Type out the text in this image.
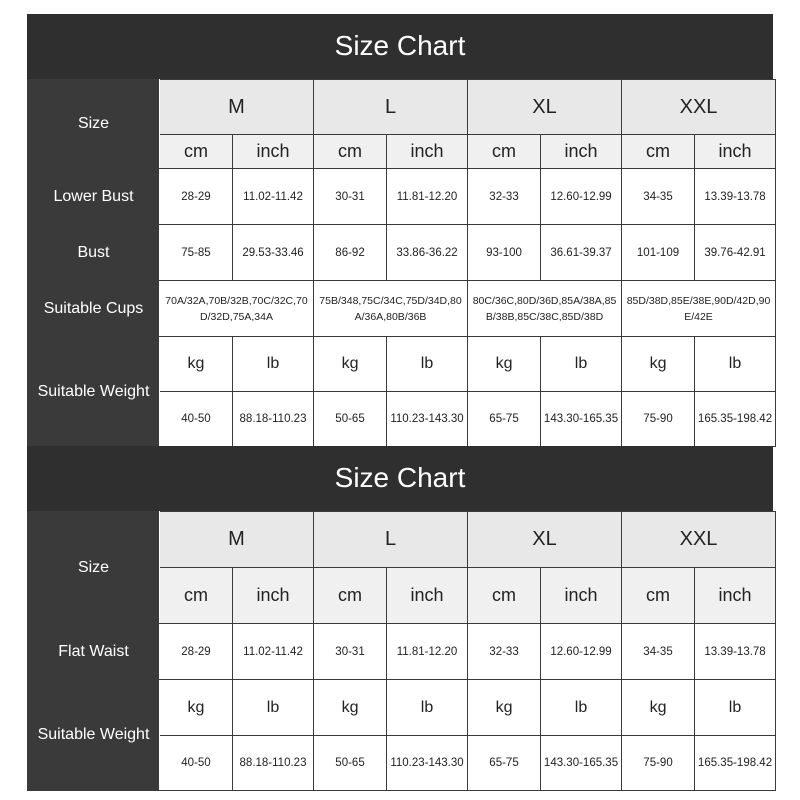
Size Chart
Size	M		L		XL		XXL	
	cm	inch	cm	inch	cm	inch	cm	inch
Lower Bust	28-29	11.02-11.42	30-31	11.81-12.20	32-33	12.60-12.99	34-35	13.39-13.78
Bust	75-85	29.53-33.46	86-92	33.86-36.22	93-100	36.61-39.37	101-109	39.76-42.91
Suitable Cups	70A/32A,70B/32B,70C/32C,70D/32D,75A,34A		75B/348,75C/34C,75D/34D,80A/36A,80B/36B		80C/36C,80D/36D,85A/38A,85B/38B,85C/38C,85D/38D		85D/38D,85E/38E,90D/42D,90E/42E	
Suitable Weight	kg	lb	kg	lb	kg	lb	kg	lb
	40-50	88.18-110.23	50-65	110.23-143.30	65-75	143.30-165.35	75-90	165.35-198.42
Size Chart
Size	M		L		XL		XXL	
	cm	inch	cm	inch	cm	inch	cm	inch
Flat Waist	28-29	11.02-11.42	30-31	11.81-12.20	32-33	12.60-12.99	34-35	13.39-13.78
Suitable Weight	kg	lb	kg	lb	kg	lb	kg	lb
	40-50	88.18-110.23	50-65	110.23-143.30	65-75	143.30-165.35	75-90	165.35-198.42
